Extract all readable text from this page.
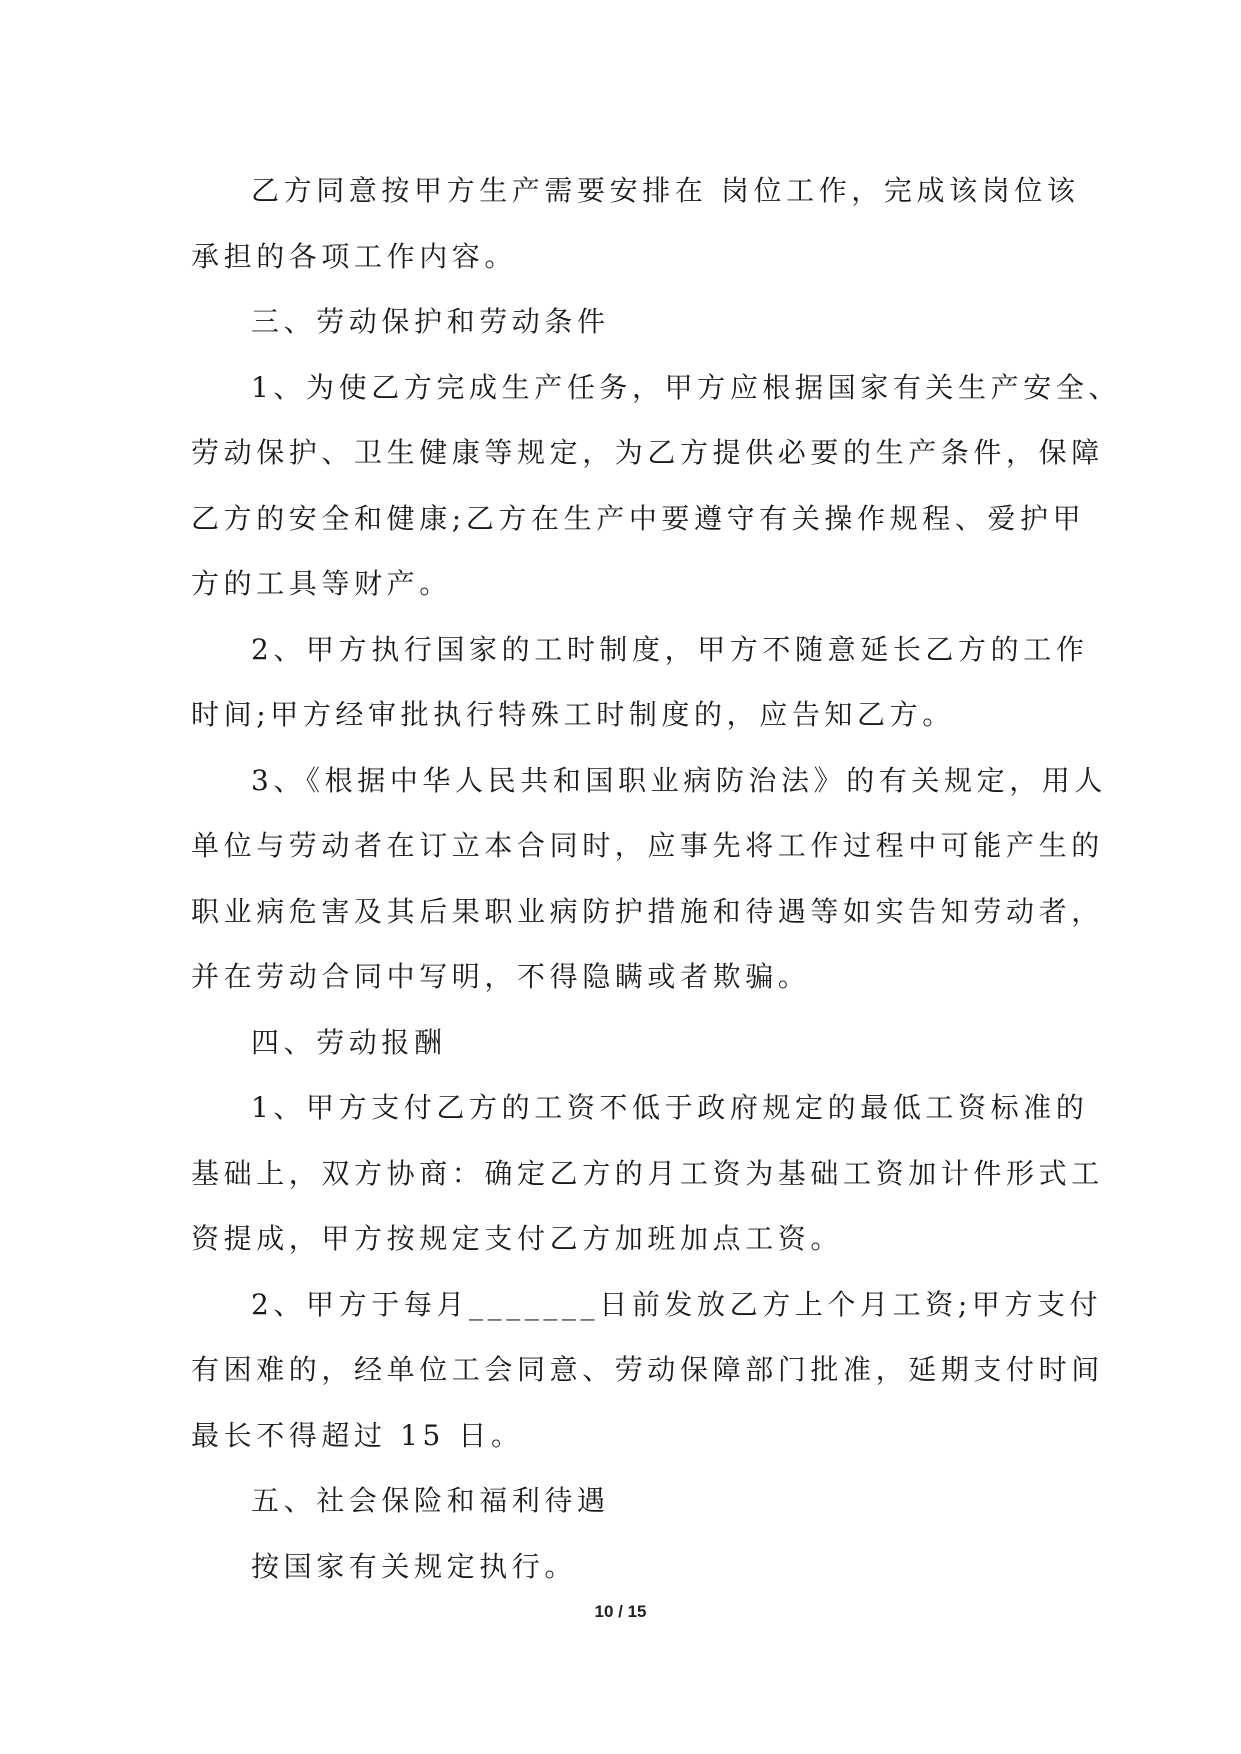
乙方同意按甲方生产需要安排在 岗位工作，完成该岗位该

承担的各项工作内容。

三、劳动保护和劳动条件

1、为使乙方完成生产任务，甲方应根据国家有关生产安全、

劳动保护、卫生健康等规定，为乙方提供必要的生产条件，保障

乙方的安全和健康;乙方在生产中要遵守有关操作规程、爱护甲

方的工具等财产。

2、甲方执行国家的工时制度，甲方不随意延长乙方的工作

时间;甲方经审批执行特殊工时制度的，应告知乙方。

3、《根据中华人民共和国职业病防治法》的有关规定，用人

单位与劳动者在订立本合同时，应事先将工作过程中可能产生的

职业病危害及其后果职业病防护措施和待遇等如实告知劳动者，

并在劳动合同中写明，不得隐瞒或者欺骗。

四、劳动报酬

1、甲方支付乙方的工资不低于政府规定的最低工资标准的

基础上，双方协商：确定乙方的月工资为基础工资加计件形式工

资提成，甲方按规定支付乙方加班加点工资。

2、甲方于每月_______日前发放乙方上个月工资;甲方支付

有困难的，经单位工会同意、劳动保障部门批准，延期支付时间

最长不得超过 15 日。

五、社会保险和福利待遇

按国家有关规定执行。

10 / 15
